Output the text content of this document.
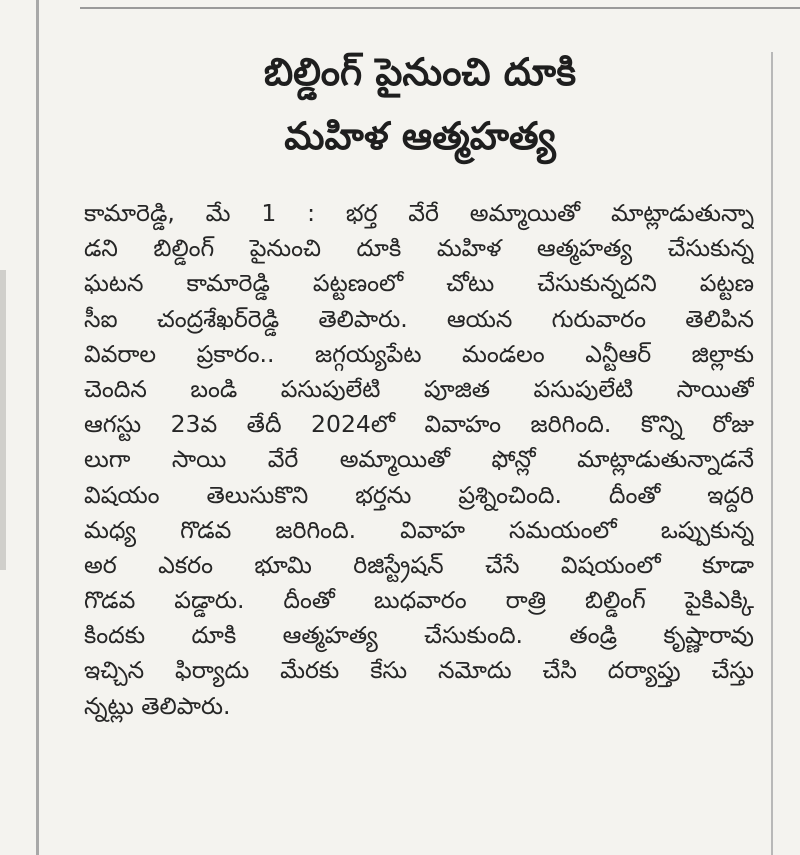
బిల్డింగ్ పైనుంచి దూకి
మహిళ ఆత్మహత్య
కామారెడ్డి, మే 1 : భర్త వేరే అమ్మాయితో మాట్లాడుతున్నా
డని బిల్డింగ్ పైనుంచి దూకి మహిళ ఆత్మహత్య చేసుకున్న
ఘటన కామారెడ్డి పట్టణంలో చోటు చేసుకున్నదని పట్టణ
సీఐ చంద్రశేఖర్‌రెడ్డి తెలిపారు. ఆయన గురువారం తెలిపిన
వివరాల ప్రకారం.. జగ్గయ్యపేట మండలం ఎన్టీఆర్ జిల్లాకు
చెందిన బండి పసుపులేటి పూజిత పసుపులేటి సాయితో
ఆగస్టు 23వ తేదీ 2024లో వివాహం జరిగింది. కొన్ని రోజు
లుగా సాయి వేరే అమ్మాయితో ఫోన్లో మాట్లాడుతున్నాడనే
విషయం తెలుసుకొని భర్తను ప్రశ్నించింది. దీంతో ఇద్దరి
మధ్య గొడవ జరిగింది. వివాహ సమయంలో ఒప్పుకున్న
అర ఎకరం భూమి రిజిస్ట్రేషన్ చేసే విషయంలో కూడా
గొడవ పడ్డారు. దీంతో బుధవారం రాత్రి బిల్డింగ్ పైకిఎక్కి
కిందకు దూకి ఆత్మహత్య చేసుకుంది. తండ్రి కృష్ణారావు
ఇచ్చిన ఫిర్యాదు మేరకు కేసు నమోదు చేసి దర్యాప్తు చేస్తు
న్నట్లు తెలిపారు.
